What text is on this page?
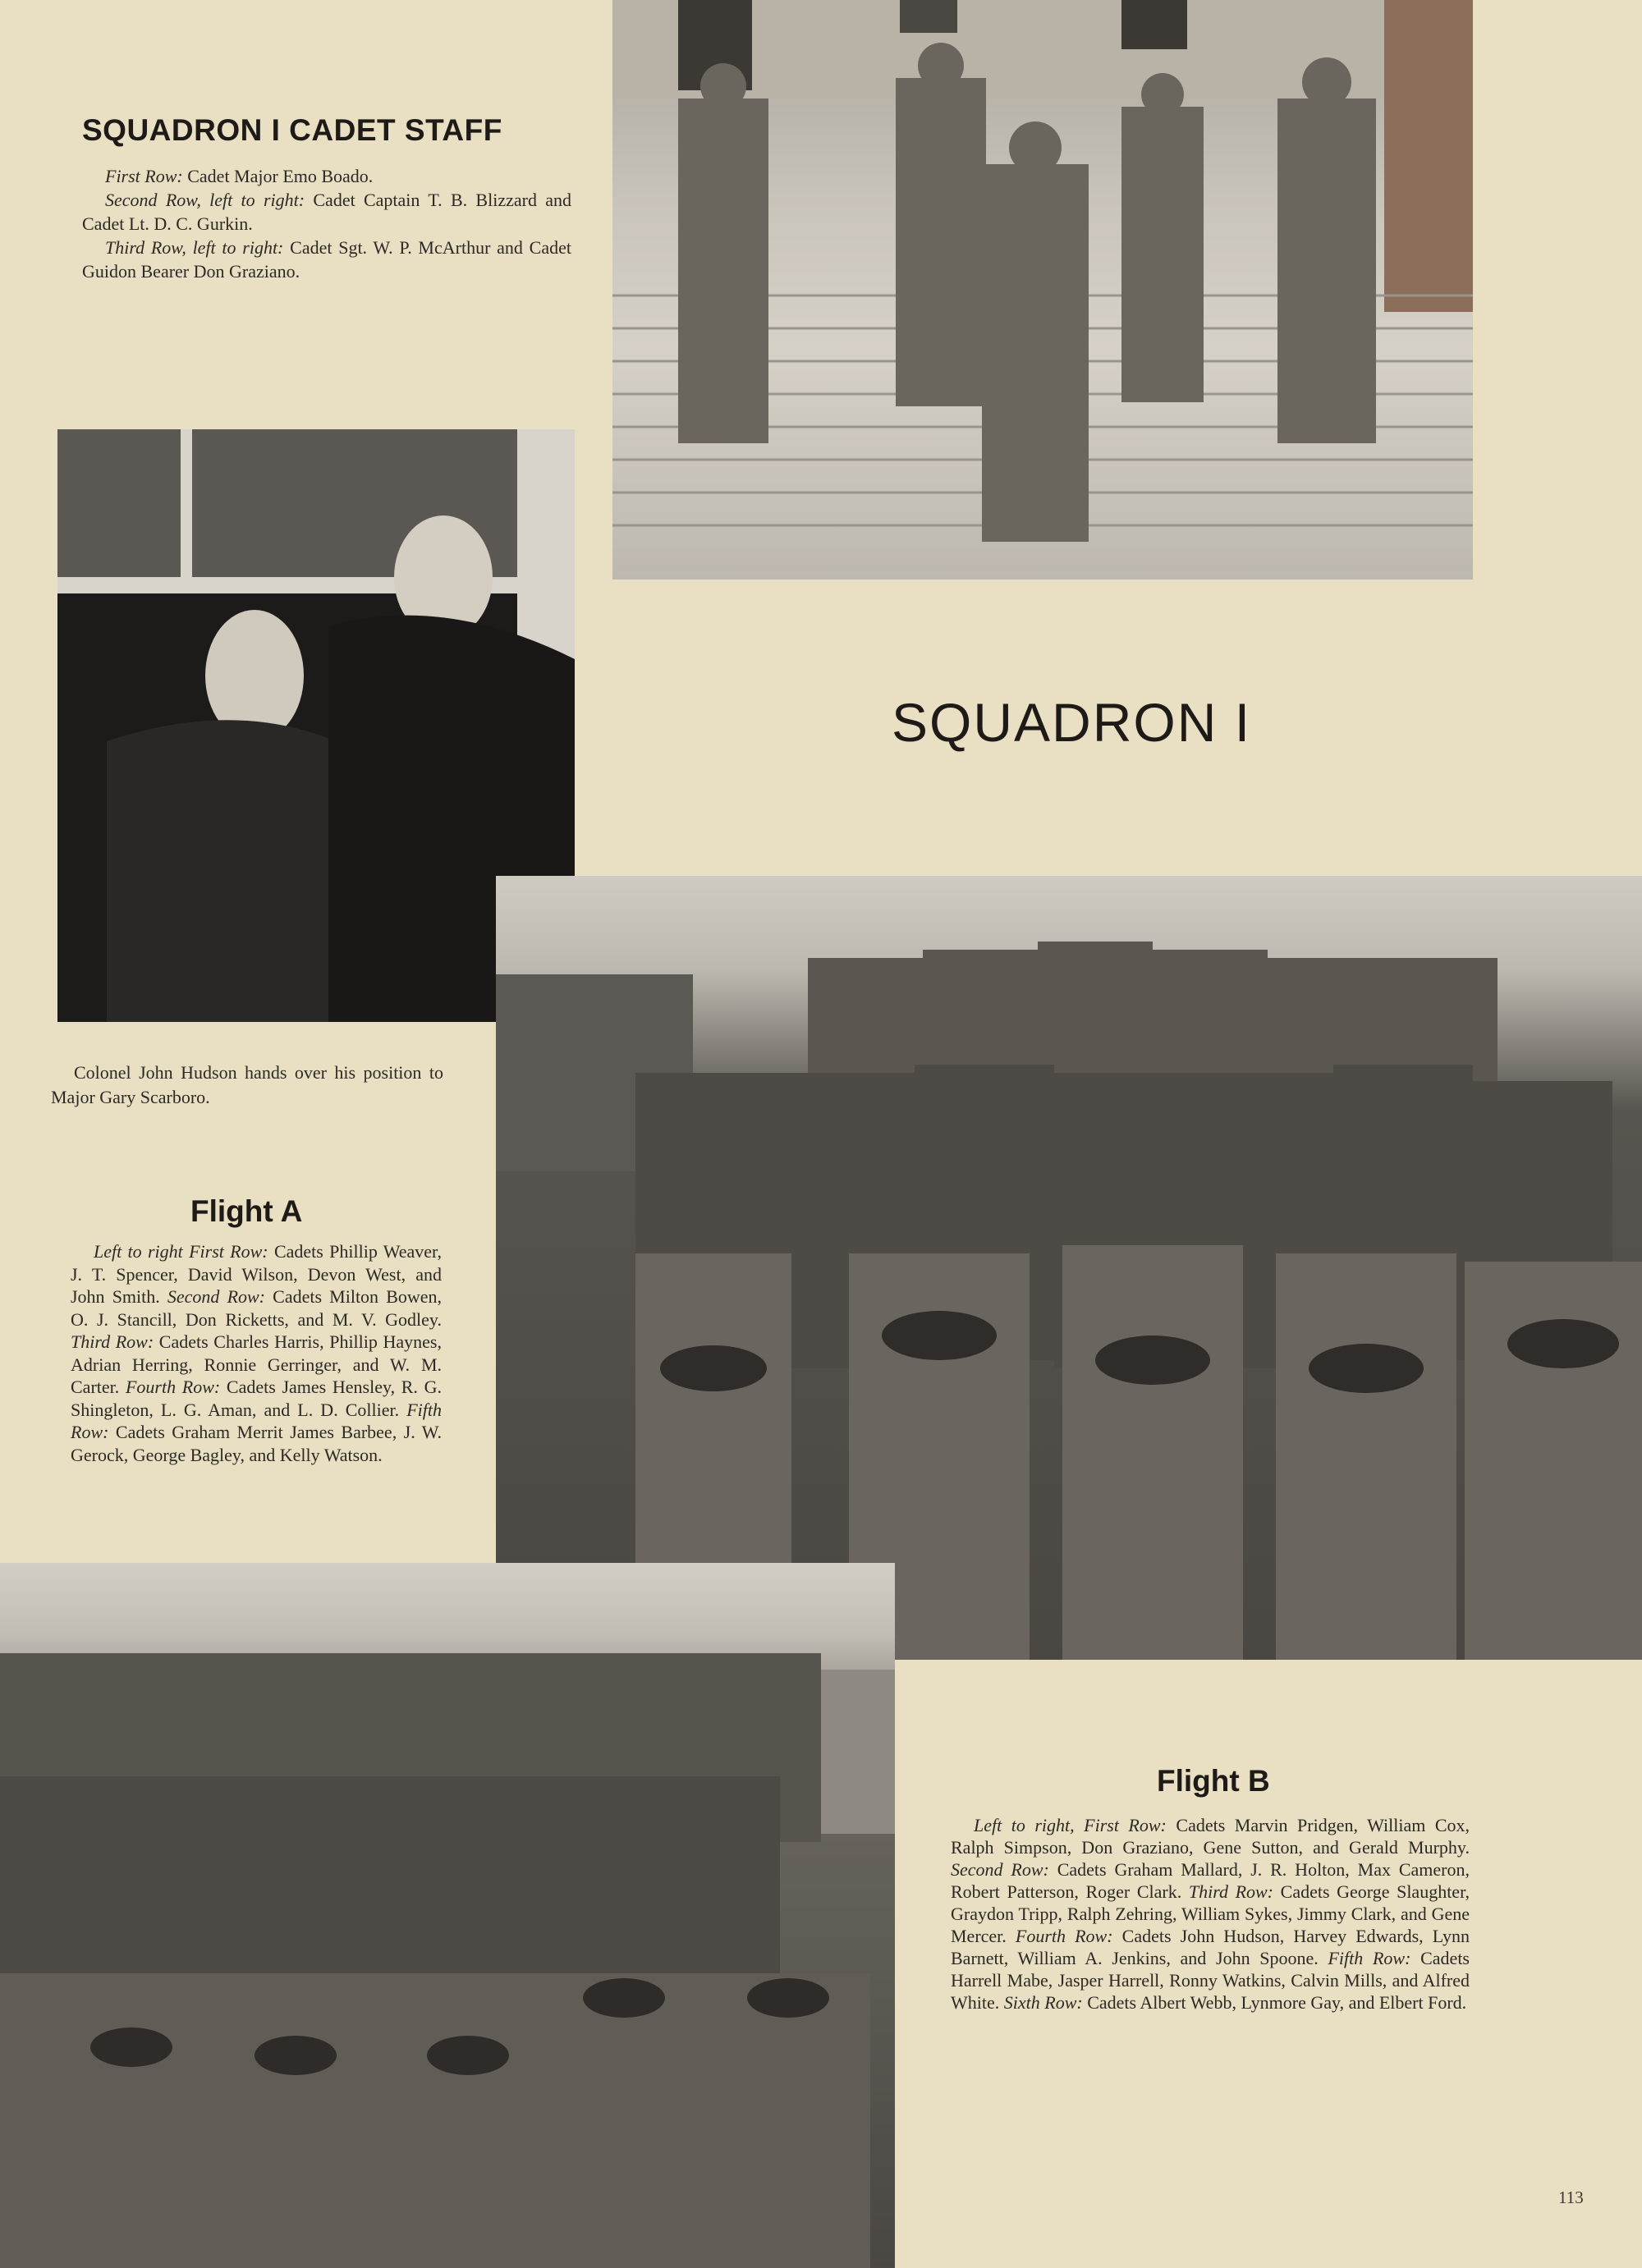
SQUADRON I CADET STAFF
First Row: Cadet Major Emo Boado.
Second Row, left to right: Cadet Captain T. B. Blizzard and Cadet Lt. D. C. Gurkin.
Third Row, left to right: Cadet Sgt. W. P. McArthur and Cadet Guidon Bearer Don Graziano.
Colonel John Hudson hands over his position to Major Gary Scarboro.
SQUADRON I
Flight A
Left to right First Row: Cadets Phillip Weaver, J. T. Spencer, David Wilson, Devon West, and John Smith. Second Row: Cadets Milton Bowen, O. J. Stancill, Don Ricketts, and M. V. Godley. Third Row: Cadets Charles Harris, Phillip Haynes, Adrian Herring, Ronnie Gerringer, and W. M. Carter. Fourth Row: Cadets James Hensley, R. G. Shingleton, L. G. Aman, and L. D. Collier. Fifth Row: Cadets Graham Merrit James Barbee, J. W. Gerock, George Bagley, and Kelly Watson.
Flight B
Left to right, First Row: Cadets Marvin Pridgen, William Cox, Ralph Simpson, Don Graziano, Gene Sutton, and Gerald Murphy. Second Row: Cadets Graham Mallard, J. R. Holton, Max Cameron, Robert Patterson, Roger Clark. Third Row: Cadets George Slaughter, Graydon Tripp, Ralph Zehring, William Sykes, Jimmy Clark, and Gene Mercer. Fourth Row: Cadets John Hudson, Harvey Edwards, Lynn Barnett, William A. Jenkins, and John Spoone. Fifth Row: Cadets Harrell Mabe, Jasper Harrell, Ronny Watkins, Calvin Mills, and Alfred White. Sixth Row: Cadets Albert Webb, Lynmore Gay, and Elbert Ford.
113
